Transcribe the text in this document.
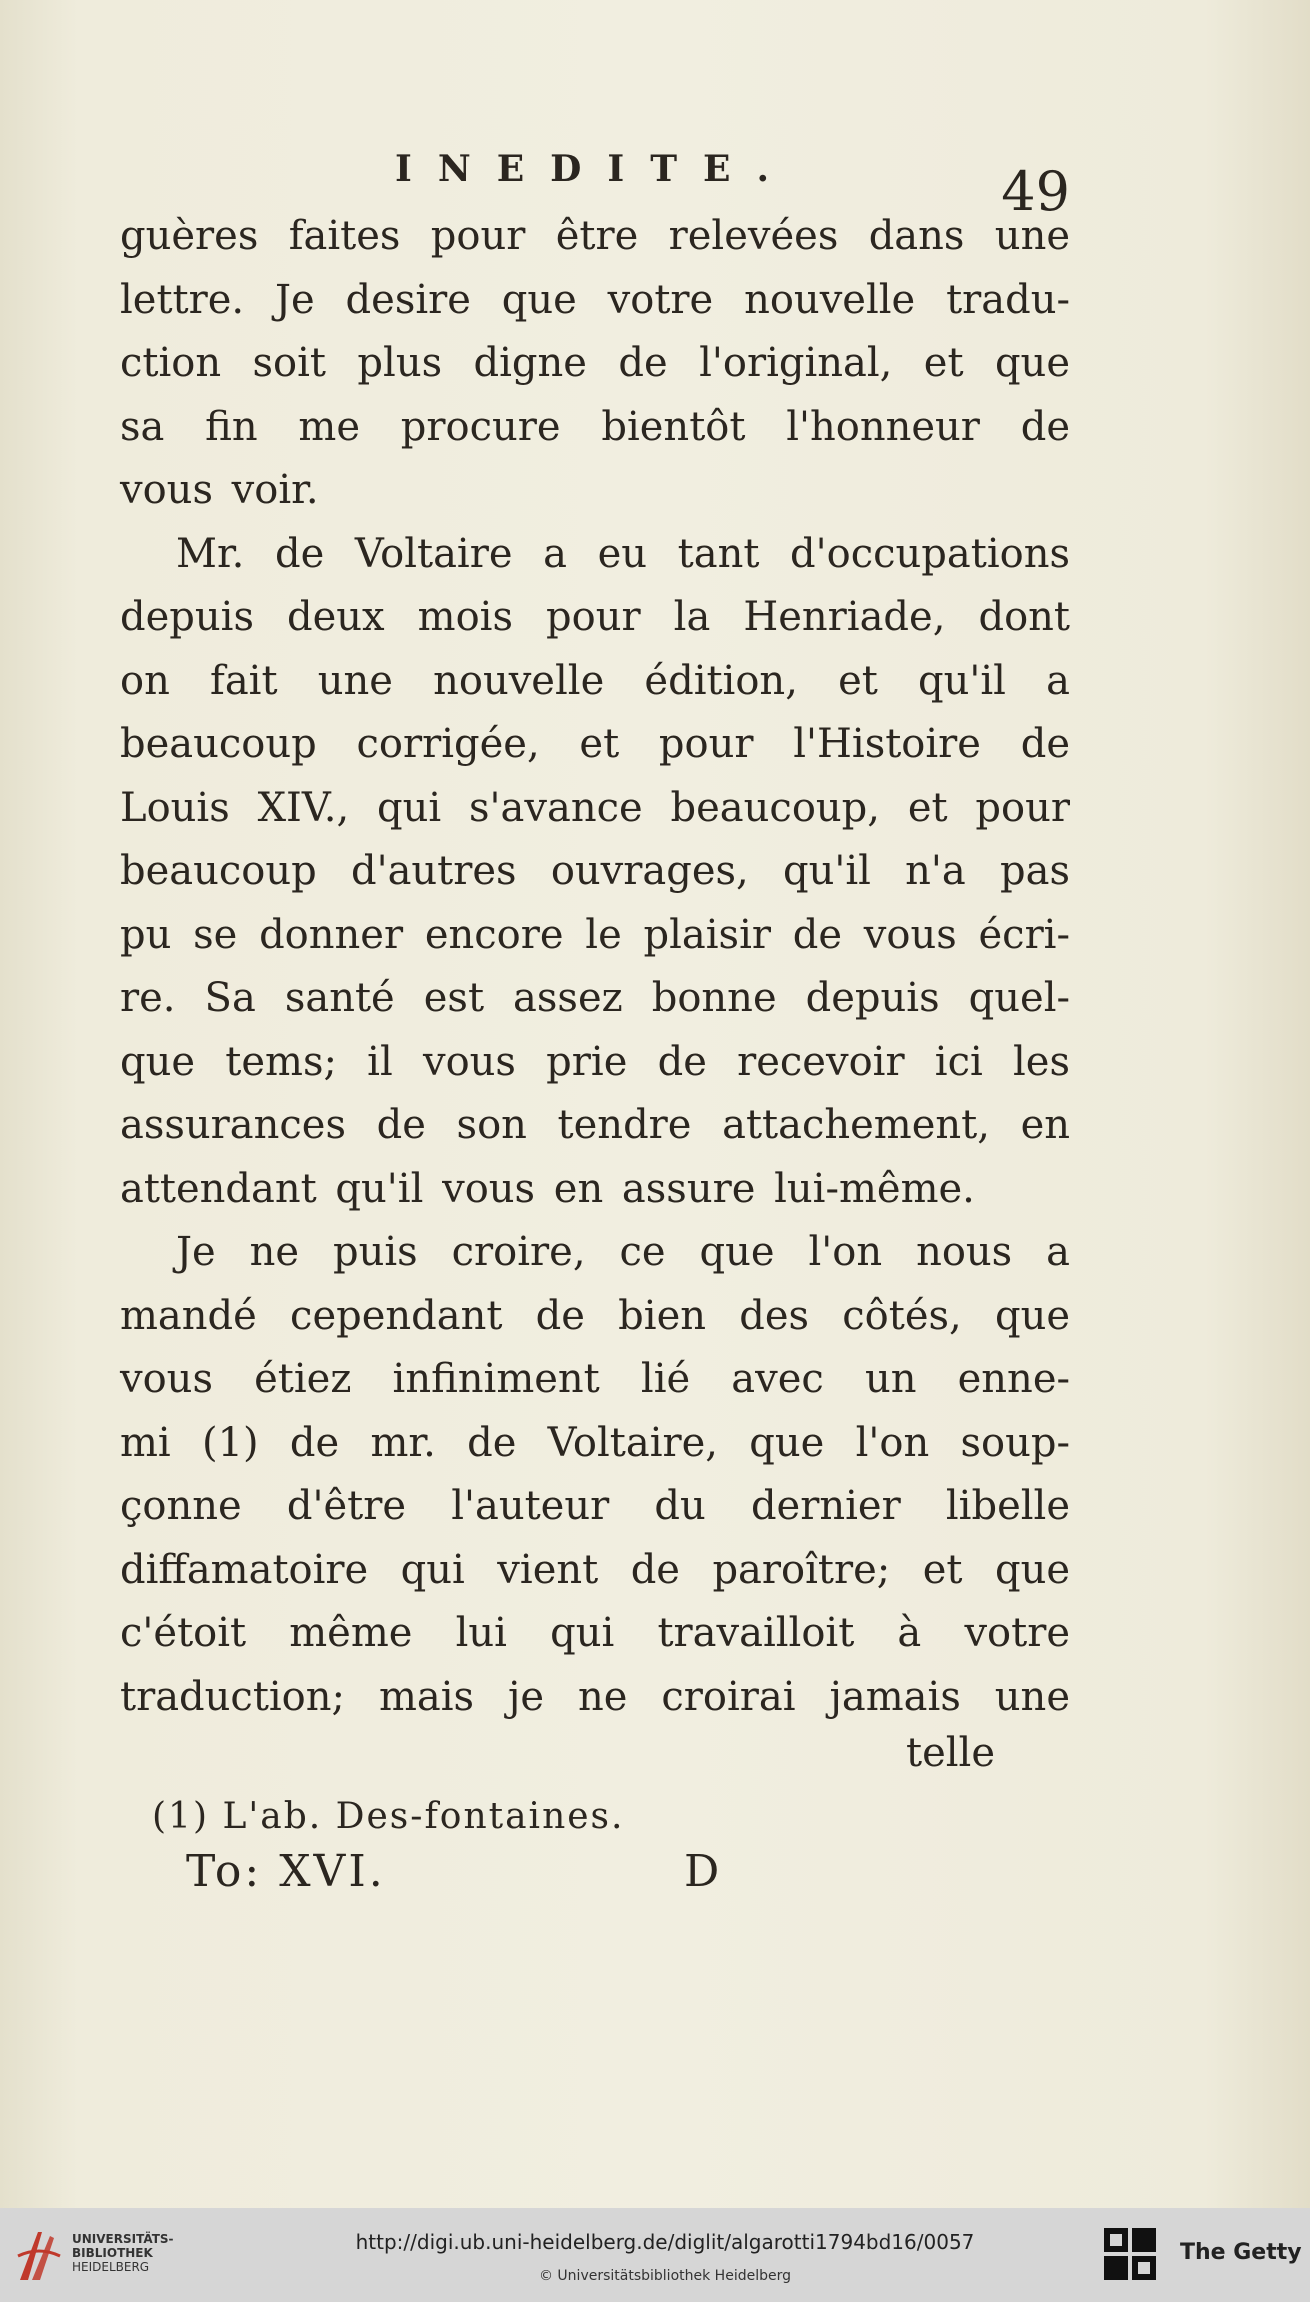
INEDITE.	49
guères faites pour être relevées dans une
lettre. Je desire que votre nouvelle tradu-
ction soit plus digne de l'original, et que
sa fin me procure bientôt l'honneur de
vous voir.
Mr. de Voltaire a eu tant d'occupations
depuis deux mois pour la Henriade, dont
on fait une nouvelle édition, et qu'il a
beaucoup corrigée, et pour l'Histoire de
Louis XIV., qui s'avance beaucoup, et pour
beaucoup d'autres ouvrages, qu'il n'a pas
pu se donner encore le plaisir de vous écri-
re. Sa santé est assez bonne depuis quel-
que tems; il vous prie de recevoir ici les
assurances de son tendre attachement, en
attendant qu'il vous en assure lui-même.
Je ne puis croire, ce que l'on nous a
mandé cependant de bien des côtés, que
vous étiez infiniment lié avec un enne-
mi (1) de mr. de Voltaire, que l'on soup-
çonne d'être l'auteur du dernier libelle
diffamatoire qui vient de paroître; et que
c'étoit même lui qui travailloit à votre
traduction; mais je ne croirai jamais une
telle
(1) L'ab. Des-fontaines.
To: XVI.	D
UNIVERSITÄTS-
BIBLIOTHEK
HEIDELBERG
http://digi.ub.uni-heidelberg.de/diglit/algarotti1794bd16/0057
© Universitätsbibliothek Heidelberg
The Getty
